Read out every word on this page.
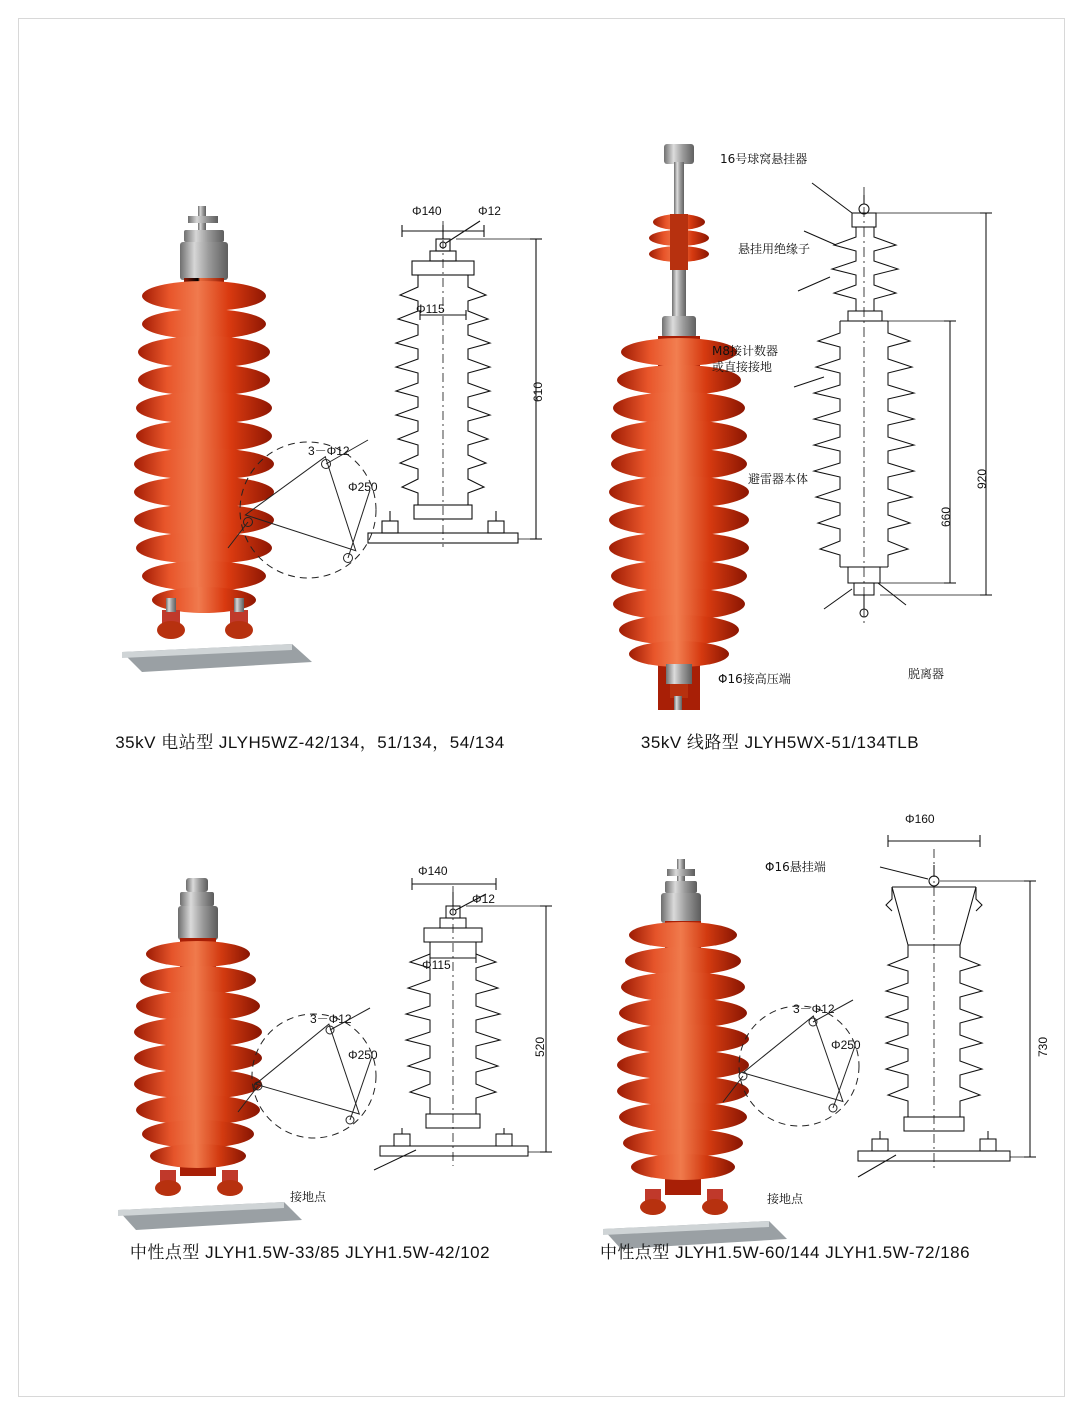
3－Φ12
Φ250
Φ140	Φ12
Φ115
610
35kV 电站型 JLYH5WZ-42/134，51/134，54/134
16号球窝悬挂器
悬挂用绝缘子
M8接计数器
或直接接地
避雷器本体
Φ16接高压端	脱离器
920
660
35kV 线路型 JLYH5WX-51/134TLB
3－Φ12
Φ250
Φ140
Φ12
Φ115
520
接地点
中性点型 JLYH1.5W-33/85 JLYH1.5W-42/102
3－Φ12
Φ250
Φ160
Φ16悬挂端
730
接地点
中性点型 JLYH1.5W-60/144 JLYH1.5W-72/186
